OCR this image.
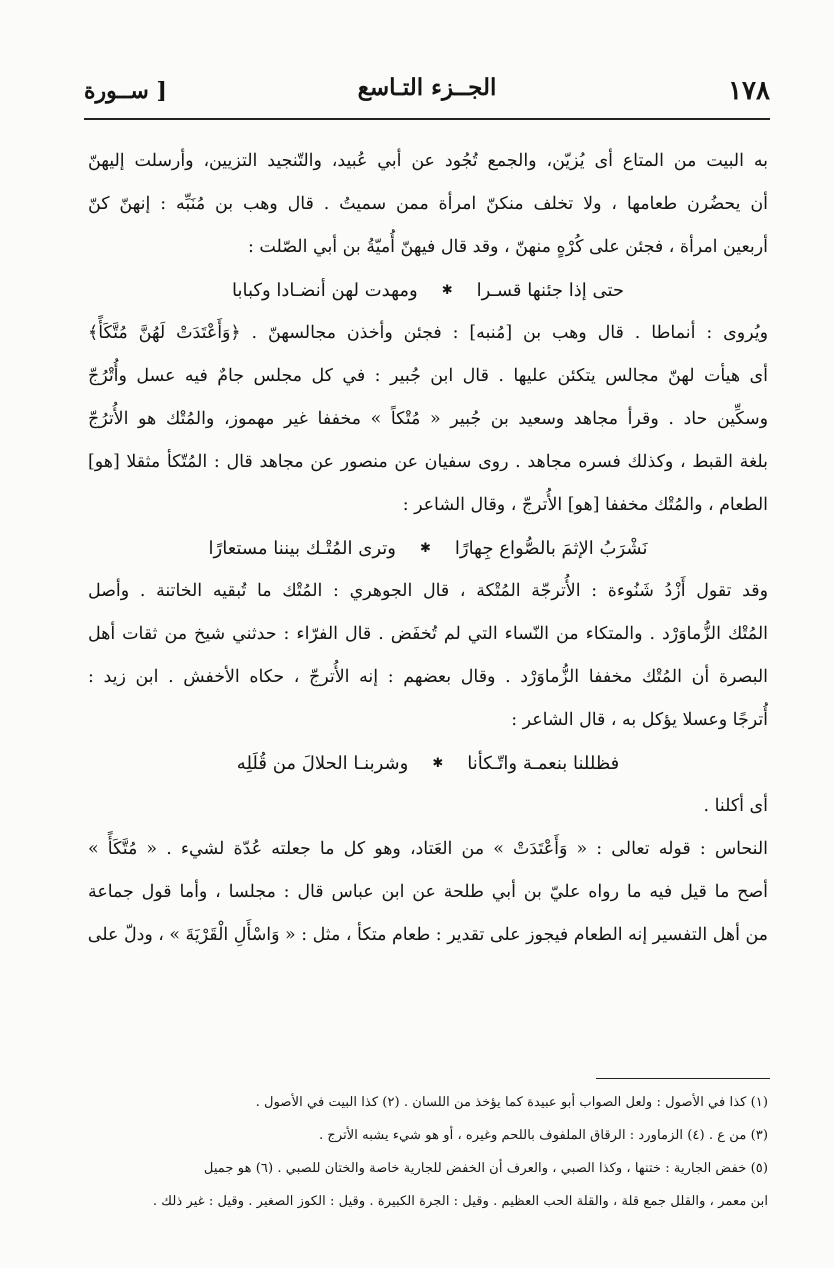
١٧٨
الجــزء التـاسع
[ ســورة
به البيت من المتاع أى يُزيّن، والجمع تُجُود عن أبي عُبيد، والتّنجيد التزيين، وأرسلت إليهنّ
أن يحضُرن طعامها ، ولا تخلف منكنّ امرأة ممن سميتُ . قال وهب بن مُنَبِّه : إنهنّ كنّ
أربعين امرأة ، فجئن على كُرْهٍ منهنّ ، وقد قال فيهنّ أُميّةُ بن أبي الصّلت :
حتى إذا جئنها قسـرا
✱
ومهدت لهن أنضـادا وكبابا
ويُروى : أنماطا . قال وهب بن [مُنبه] : فجئن وأخذن مجالسهنّ . ﴿وَأَعْتَدَتْ لَهُنَّ مُتَّكَأً﴾
أى هيأت لهنّ مجالس يتكئن عليها . قال ابن جُبير : في كل مجلس جامٌ فيه عسل وأُتْرُجّ
وسكِّين حاد . وقرأ مجاهد وسعيد بن جُبير « مُتْكاً » مخففا غير مهموز، والمُتْك هو الأُترُجّ
بلغة القبط ، وكذلك فسره مجاهد . روى سفيان عن منصور عن مجاهد قال : المُتّكأ مثقلا [هو]
الطعام ، والمُتْك مخففا [هو] الأُترجّ ، وقال الشاعر :
نَشْرَبُ الإثمَ بالصُّواع جِهارًا
✱
وترى المُتْـك بيننا مستعارًا
وقد تقول أَزْدُ شَنُوءة : الأُترجّة المُتْكة ، قال الجوهري : المُتْك ما تُبقيه الخاتنة . وأصل
المُتْك الزُّماوَرْد . والمتكاء من النّساء التي لم تُخفَض . قال الفرّاء : حدثني شيخ من ثقات أهل
البصرة أن المُتْك مخففا الزُّماوَرْد . وقال بعضهم : إنه الأُترجّ ، حكاه الأخفش . ابن زيد :
أُترجًا وعسلا يؤكل به ، قال الشاعر :
فظللنا بنعمـة واتّـكأنا
✱
وشربنـا الحلالَ من قُلَلِه
أى أكلنا .
النحاس : قوله تعالى : « وَأَعْتَدَتْ » من العَتاد، وهو كل ما جعلته عُدّة لشيء . « مُتَّكَأً »
أصح ما قيل فيه ما رواه عليّ بن أبي طلحة عن ابن عباس قال : مجلسا ، وأما قول جماعة
من أهل التفسير إنه الطعام فيجوز على تقدير : طعام متكأ ، مثل : « وَاسْأَلِ الْقَرْيَةَ » ، ودلّ على
(١) كذا في الأصول : ولعل الصواب أبو عبيدة كما يؤخذ من اللسان . (٢) كذا البيت في الأصول .
(٣) من ع . (٤) الزماورد : الرقاق الملفوف باللحم وغيره ، أو هو شيء يشبه الأترج .
(٥) خفض الجارية : ختنها ، وكذا الصبي ، والعرف أن الخفض للجارية خاصة والختان للصبي . (٦) هو جميل
ابن معمر ، والقلل جمع قلة ، والقلة الحب العظيم . وقيل : الجرة الكبيرة . وقيل : الكوز الصغير . وقيل : غير ذلك .
